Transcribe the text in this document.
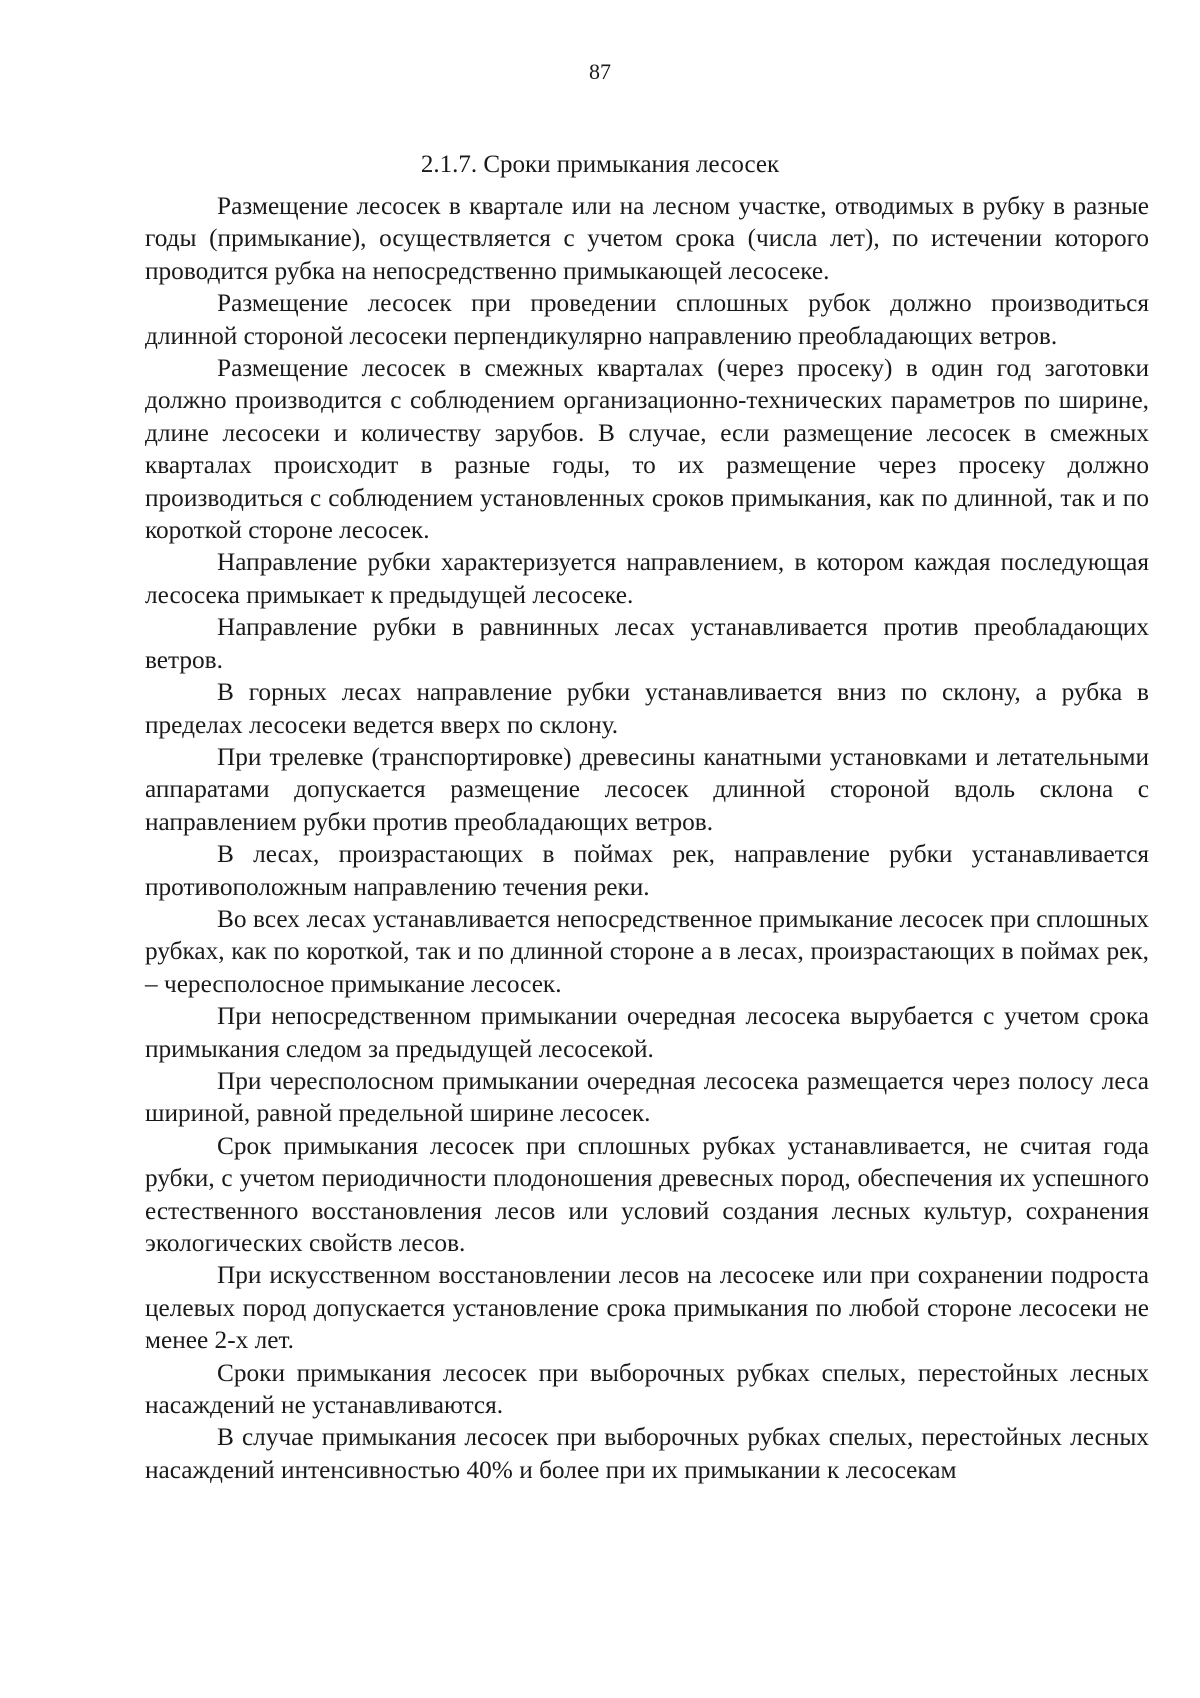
87
2.1.7. Сроки примыкания лесосек

Размещение лесосек в квартале или на лесном участке, отводимых в рубку в разные годы (примыкание), осуществляется с учетом срока (числа лет), по истечении которого проводится рубка на непосредственно примыкающей лесосеке.

Размещение лесосек при проведении сплошных рубок должно производиться длинной стороной лесосеки перпендикулярно направлению преобладающих ветров.

Размещение лесосек в смежных кварталах (через просеку) в один год заготовки должно производится с соблюдением организационно-технических параметров по ширине, длине лесосеки и количеству зарубов. В случае, если размещение лесосек в смежных кварталах происходит в разные годы, то их размещение через просеку должно производиться с соблюдением установленных сроков примыкания, как по длинной, так и по короткой стороне лесосек.

Направление рубки характеризуется направлением, в котором каждая последующая лесосека примыкает к предыдущей лесосеке.

Направление рубки в равнинных лесах устанавливается против преобладающих ветров.

В горных лесах направление рубки устанавливается вниз по склону, а рубка в пределах лесосеки ведется вверх по склону.

При трелевке (транспортировке) древесины канатными установками и летательными аппаратами допускается размещение лесосек длинной стороной вдоль склона с направлением рубки против преобладающих ветров.

В лесах, произрастающих в поймах рек, направление рубки устанавливается противоположным направлению течения реки.

Во всех лесах устанавливается непосредственное примыкание лесосек при сплошных рубках, как по короткой, так и по длинной стороне а в лесах, произрастающих в поймах рек, – чересполосное примыкание лесосек.

При непосредственном примыкании очередная лесосека вырубается с учетом срока примыкания следом за предыдущей лесосекой.

При чересполосном примыкании очередная лесосека размещается через полосу леса шириной, равной предельной ширине лесосек.

Срок примыкания лесосек при сплошных рубках устанавливается, не считая года рубки, с учетом периодичности плодоношения древесных пород, обеспечения их успешного естественного восстановления лесов или условий создания лесных культур, сохранения экологических свойств лесов.

При искусственном восстановлении лесов на лесосеке или при сохранении подроста целевых пород допускается установление срока примыкания по любой стороне лесосеки не менее 2-х лет.

Сроки примыкания лесосек при выборочных рубках спелых, перестойных лесных насаждений не устанавливаются.

В случае примыкания лесосек при выборочных рубках спелых, перестойных лесных насаждений интенсивностью 40% и более при их примыкании к лесосекам
